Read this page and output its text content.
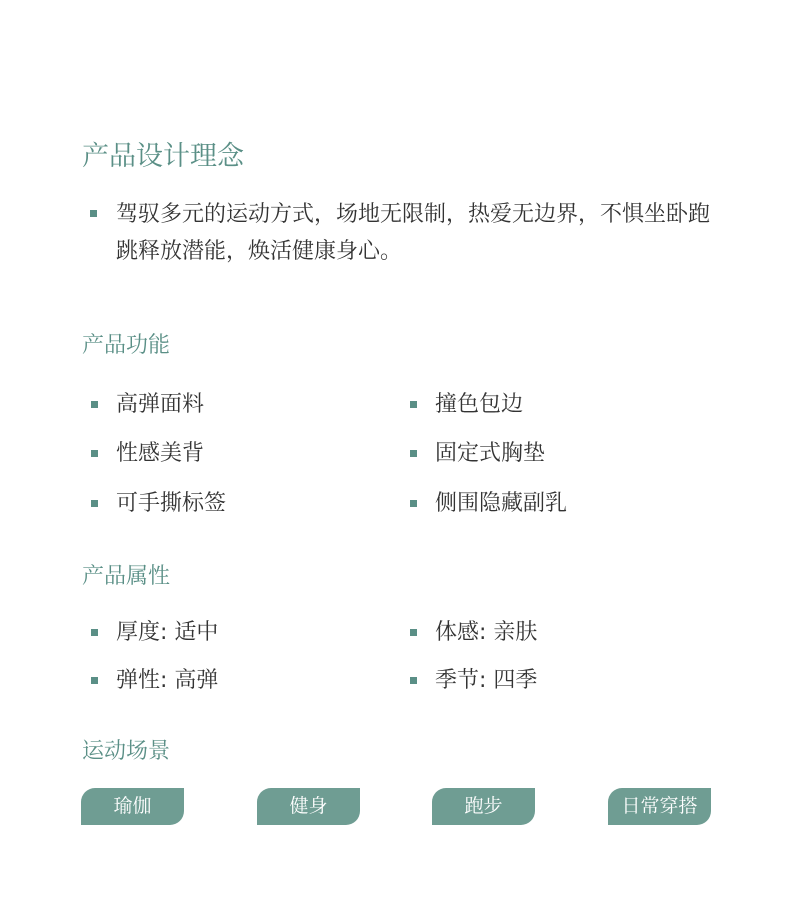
产品设计理念
驾驭多元的运动方式，场地无限制，热爱无边界，不惧坐卧跑跳释放潜能，焕活健康身心。
产品功能
高弹面料	撞色包边
性感美背	固定式胸垫
可手撕标签	侧围隐藏副乳
产品属性
厚度: 适中	体感: 亲肤
弹性: 高弹	季节: 四季
运动场景
瑜伽	健身	跑步	日常穿搭
